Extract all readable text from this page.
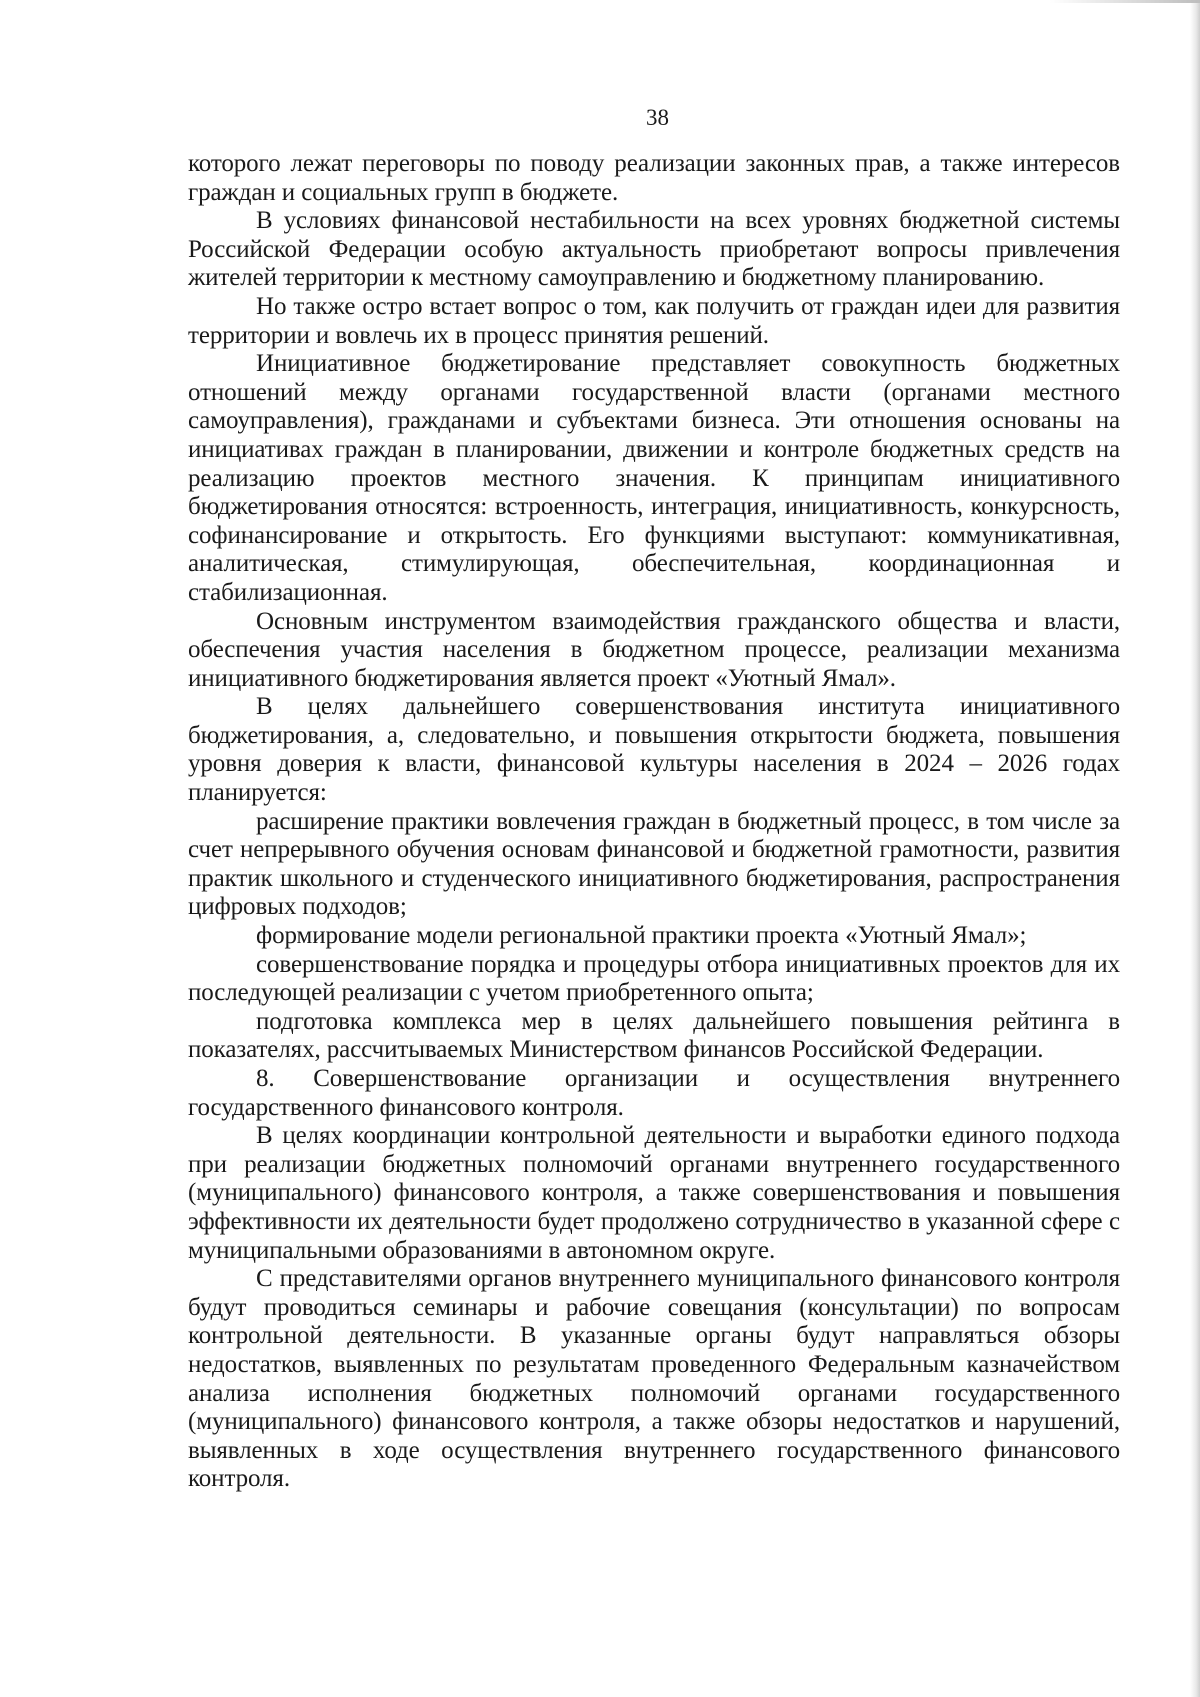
38

которого лежат переговоры по поводу реализации законных прав, а также интересов граждан и социальных групп в бюджете.

В условиях финансовой нестабильности на всех уровнях бюджетной системы Российской Федерации особую актуальность приобретают вопросы привлечения жителей территории к местному самоуправлению и бюджетному планированию.

Но также остро встает вопрос о том, как получить от граждан идеи для развития территории и вовлечь их в процесс принятия решений.

Инициативное бюджетирование представляет совокупность бюджетных отношений между органами государственной власти (органами местного самоуправления), гражданами и субъектами бизнеса. Эти отношения основаны на инициативах граждан в планировании, движении и контроле бюджетных средств на реализацию проектов местного значения. К принципам инициативного бюджетирования относятся: встроенность, интеграция, инициативность, конкурсность, софинансирование и открытость. Его функциями выступают: коммуникативная, аналитическая, стимулирующая, обеспечительная, координационная и стабилизационная.

Основным инструментом взаимодействия гражданского общества и власти, обеспечения участия населения в бюджетном процессе, реализации механизма инициативного бюджетирования является проект «Уютный Ямал».

В целях дальнейшего совершенствования института инициативного бюджетирования, а, следовательно, и повышения открытости бюджета, повышения уровня доверия к власти, финансовой культуры населения в 2024 – 2026 годах планируется:

расширение практики вовлечения граждан в бюджетный процесс, в том числе за счет непрерывного обучения основам финансовой и бюджетной грамотности, развития практик школьного и студенческого инициативного бюджетирования, распространения цифровых подходов;

формирование модели региональной практики проекта «Уютный Ямал»;

совершенствование порядка и процедуры отбора инициативных проектов для их последующей реализации с учетом приобретенного опыта;

подготовка комплекса мер в целях дальнейшего повышения рейтинга в показателях, рассчитываемых Министерством финансов Российской Федерации.

8. Совершенствование организации и осуществления внутреннего государственного финансового контроля.

В целях координации контрольной деятельности и выработки единого подхода при реализации бюджетных полномочий органами внутреннего государственного (муниципального) финансового контроля, а также совершенствования и повышения эффективности их деятельности будет продолжено сотрудничество в указанной сфере с муниципальными образованиями в автономном округе.

С представителями органов внутреннего муниципального финансового контроля будут проводиться семинары и рабочие совещания (консультации) по вопросам контрольной деятельности. В указанные органы будут направляться обзоры недостатков, выявленных по результатам проведенного Федеральным казначейством анализа исполнения бюджетных полномочий органами государственного (муниципального) финансового контроля, а также обзоры недостатков и нарушений, выявленных в ходе осуществления внутреннего государственного финансового контроля.
